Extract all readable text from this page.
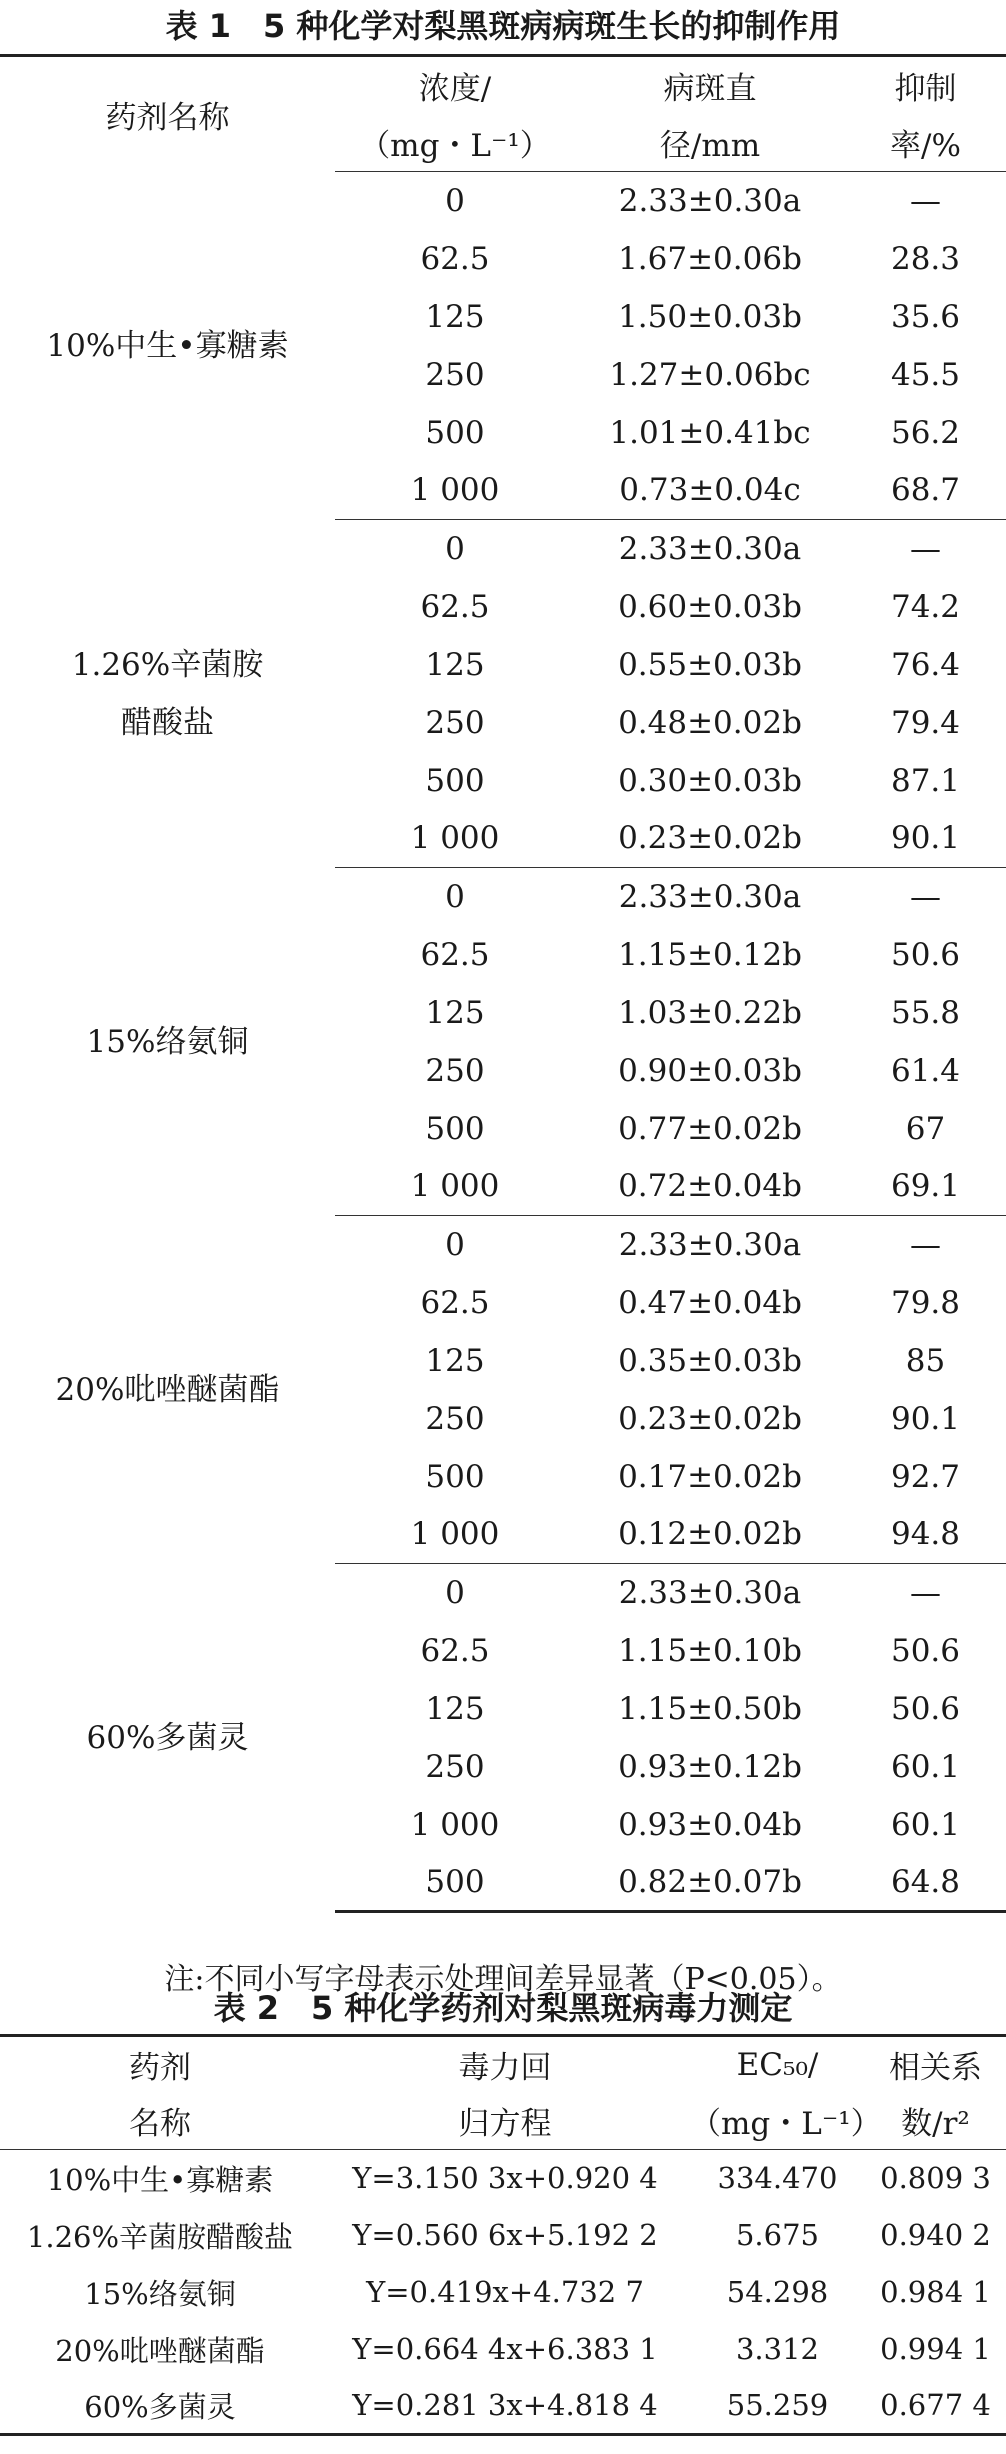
表 1　5 种化学对梨黑斑病病斑生长的抑制作用
药剂名称	浓度/	病斑直	抑制
	（mg・L⁻¹）	径/mm	率/%
10%中生•寡糖素	0	2.33±0.30a	—
	62.5	1.67±0.06b	28.3
	125	1.50±0.03b	35.6
	250	1.27±0.06bc	45.5
	500	1.01±0.41bc	56.2
	1 000	0.73±0.04c	68.7
1.26%辛菌胺醋酸盐	0	2.33±0.30a	—
	62.5	0.60±0.03b	74.2
	125	0.55±0.03b	76.4
	250	0.48±0.02b	79.4
	500	0.30±0.03b	87.1
	1 000	0.23±0.02b	90.1
15%络氨铜	0	2.33±0.30a	—
	62.5	1.15±0.12b	50.6
	125	1.03±0.22b	55.8
	250	0.90±0.03b	61.4
	500	0.77±0.02b	67
	1 000	0.72±0.04b	69.1
20%吡唑醚菌酯	0	2.33±0.30a	—
	62.5	0.47±0.04b	79.8
	125	0.35±0.03b	85
	250	0.23±0.02b	90.1
	500	0.17±0.02b	92.7
	1 000	0.12±0.02b	94.8
60%多菌灵	0	2.33±0.30a	—
	62.5	1.15±0.10b	50.6
	125	1.15±0.50b	50.6
	250	0.93±0.12b	60.1
	1 000	0.93±0.04b	60.1
	500	0.82±0.07b	64.8
注:不同小写字母表示处理间差异显著（P<0.05）。
表 2　5 种化学药剂对梨黑斑病毒力测定
药剂	毒力回	EC₅₀/	相关系
名称	归方程	（mg・L⁻¹）	数/r²
10%中生•寡糖素	Y=3.150 3x+0.920 4	334.470	0.809 3
1.26%辛菌胺醋酸盐	Y=0.560 6x+5.192 2	5.675	0.940 2
15%络氨铜	Y=0.419x+4.732 7	54.298	0.984 1
20%吡唑醚菌酯	Y=0.664 4x+6.383 1	3.312	0.994 1
60%多菌灵	Y=0.281 3x+4.818 4	55.259	0.677 4
